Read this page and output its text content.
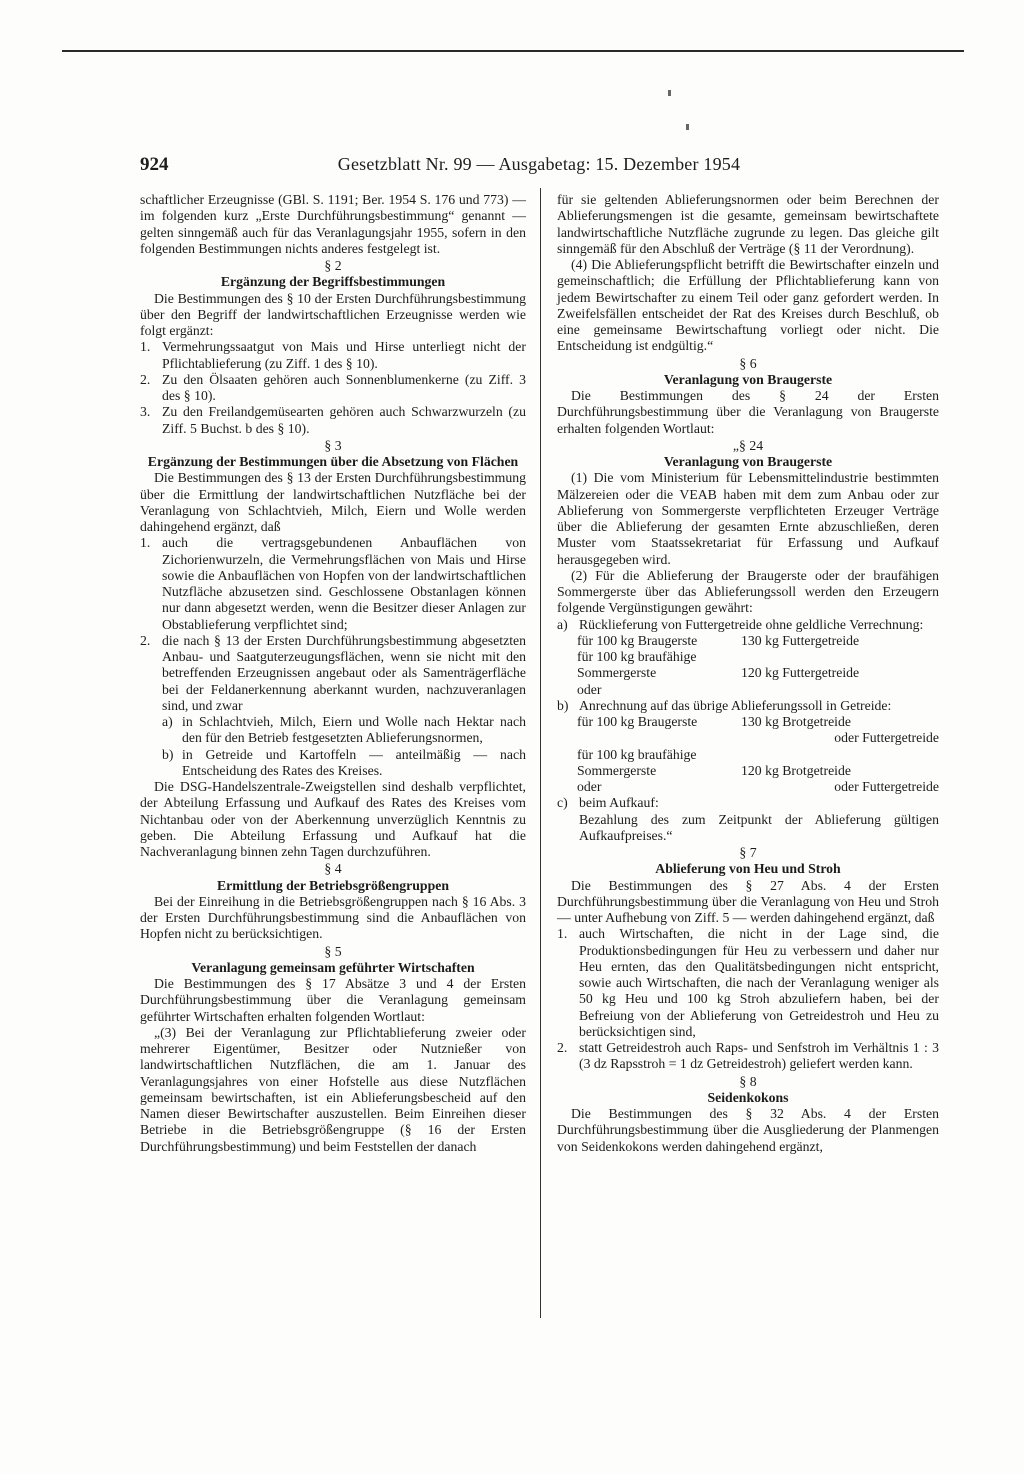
924	Gesetzblatt Nr. 99 — Ausgabetag: 15. Dezember 1954

schaftlicher Erzeugnisse (GBl. S. 1191; Ber. 1954 S. 176 und 773) — im folgenden kurz „Erste Durchführungsbestimmung“ genannt — gelten sinngemäß auch für das Veranlagungsjahr 1955, sofern in den folgenden Bestimmungen nichts anderes festgelegt ist.

§ 2

Ergänzung der Begriffsbestimmungen

Die Bestimmungen des § 10 der Ersten Durchführungsbestimmung über den Begriff der landwirtschaftlichen Erzeugnisse werden wie folgt ergänzt:

1. Vermehrungssaatgut von Mais und Hirse unterliegt nicht der Pflichtablieferung (zu Ziff. 1 des § 10).
2. Zu den Ölsaaten gehören auch Sonnenblumenkerne (zu Ziff. 3 des § 10).
3. Zu den Freilandgemüsearten gehören auch Schwarzwurzeln (zu Ziff. 5 Buchst. b des § 10).

§ 3

Ergänzung der Bestimmungen über die Absetzung von Flächen

Die Bestimmungen des § 13 der Ersten Durchführungsbestimmung über die Ermittlung der landwirtschaftlichen Nutzfläche bei der Veranlagung von Schlachtvieh, Milch, Eiern und Wolle werden dahingehend ergänzt, daß

1. auch die vertragsgebundenen Anbauflächen von Zichorienwurzeln, die Vermehrungsflächen von Mais und Hirse sowie die Anbauflächen von Hopfen von der landwirtschaftlichen Nutzfläche abzusetzen sind. Geschlossene Obstanlagen können nur dann abgesetzt werden, wenn die Besitzer dieser Anlagen zur Obstablieferung verpflichtet sind;
2. die nach § 13 der Ersten Durchführungsbestimmung abgesetzten Anbau- und Saatguterzeugungsflächen, wenn sie nicht mit den betreffenden Erzeugnissen angebaut oder als Samenträgerfläche bei der Feldanerkennung aberkannt wurden, nachzuveranlagen sind, und zwar
a) in Schlachtvieh, Milch, Eiern und Wolle nach Hektar nach den für den Betrieb festgesetzten Ablieferungsnormen,
b) in Getreide und Kartoffeln — anteilmäßig — nach Entscheidung des Rates des Kreises.

Die DSG-Handelszentrale-Zweigstellen sind deshalb verpflichtet, der Abteilung Erfassung und Aufkauf des Rates des Kreises vom Nichtanbau oder von der Aberkennung unverzüglich Kenntnis zu geben. Die Abteilung Erfassung und Aufkauf hat die Nachveranlagung binnen zehn Tagen durchzuführen.

§ 4

Ermittlung der Betriebsgrößengruppen

Bei der Einreihung in die Betriebsgrößengruppen nach § 16 Abs. 3 der Ersten Durchführungsbestimmung sind die Anbauflächen von Hopfen nicht zu berücksichtigen.

§ 5

Veranlagung gemeinsam geführter Wirtschaften

Die Bestimmungen des § 17 Absätze 3 und 4 der Ersten Durchführungsbestimmung über die Veranlagung gemeinsam geführter Wirtschaften erhalten folgenden Wortlaut:

„(3) Bei der Veranlagung zur Pflichtablieferung zweier oder mehrerer Eigentümer, Besitzer oder Nutznießer von landwirtschaftlichen Nutzflächen, die am 1. Januar des Veranlagungsjahres von einer Hofstelle aus diese Nutzflächen gemeinsam bewirtschaften, ist ein Ablieferungsbescheid auf den Namen dieser Bewirtschafter auszustellen. Beim Einreihen dieser Betriebe in die Betriebsgrößengruppe (§ 16 der Ersten Durchführungsbestimmung) und beim Feststellen der danach

für sie geltenden Ablieferungsnormen oder beim Berechnen der Ablieferungsmengen ist die gesamte, gemeinsam bewirtschaftete landwirtschaftliche Nutzfläche zugrunde zu legen. Das gleiche gilt sinngemäß für den Abschluß der Verträge (§ 11 der Verordnung).

(4) Die Ablieferungspflicht betrifft die Bewirtschafter einzeln und gemeinschaftlich; die Erfüllung der Pflichtablieferung kann von jedem Bewirtschafter zu einem Teil oder ganz gefordert werden. In Zweifelsfällen entscheidet der Rat des Kreises durch Beschluß, ob eine gemeinsame Bewirtschaftung vorliegt oder nicht. Die Entscheidung ist endgültig.“

§ 6

Veranlagung von Braugerste

Die Bestimmungen des § 24 der Ersten Durchführungsbestimmung über die Veranlagung von Braugerste erhalten folgenden Wortlaut:

„§ 24

Veranlagung von Braugerste

(1) Die vom Ministerium für Lebensmittelindustrie bestimmten Mälzereien oder die VEAB haben mit dem zum Anbau oder zur Ablieferung von Sommergerste verpflichteten Erzeuger Verträge über die Ablieferung der gesamten Ernte abzuschließen, deren Muster vom Staatssekretariat für Erfassung und Aufkauf herausgegeben wird.

(2) Für die Ablieferung der Braugerste oder der braufähigen Sommergerste über das Ablieferungssoll werden den Erzeugern folgende Vergünstigungen gewährt:

a) Rücklieferung von Futtergetreide ohne geldliche Verrechnung:
für 100 kg Braugerste	130 kg Futtergetreide
für 100 kg braufähige
Sommergerste	120 kg Futtergetreide
oder
b) Anrechnung auf das übrige Ablieferungssoll in Getreide:
für 100 kg Braugerste	130 kg Brotgetreide

oder Futtergetreide

für 100 kg braufähige
Sommergerste	120 kg Brotgetreide
oder	oder Futtergetreide
c) beim Aufkauf:
Bezahlung des zum Zeitpunkt der Ablieferung gültigen Aufkaufpreises.“

§ 7

Ablieferung von Heu und Stroh

Die Bestimmungen des § 27 Abs. 4 der Ersten Durchführungsbestimmung über die Veranlagung von Heu und Stroh — unter Aufhebung von Ziff. 5 — werden dahingehend ergänzt, daß

1. auch Wirtschaften, die nicht in der Lage sind, die Produktionsbedingungen für Heu zu verbessern und daher nur Heu ernten, das den Qualitätsbedingungen nicht entspricht, sowie auch Wirtschaften, die nach der Veranlagung weniger als 50 kg Heu und 100 kg Stroh abzuliefern haben, bei der Befreiung von der Ablieferung von Getreidestroh und Heu zu berücksichtigen sind,
2. statt Getreidestroh auch Raps- und Senfstroh im Verhältnis 1 : 3 (3 dz Rapsstroh = 1 dz Getreidestroh) geliefert werden kann.

§ 8

Seidenkokons

Die Bestimmungen des § 32 Abs. 4 der Ersten Durchführungsbestimmung über die Ausgliederung der Planmengen von Seidenkokons werden dahingehend ergänzt,
